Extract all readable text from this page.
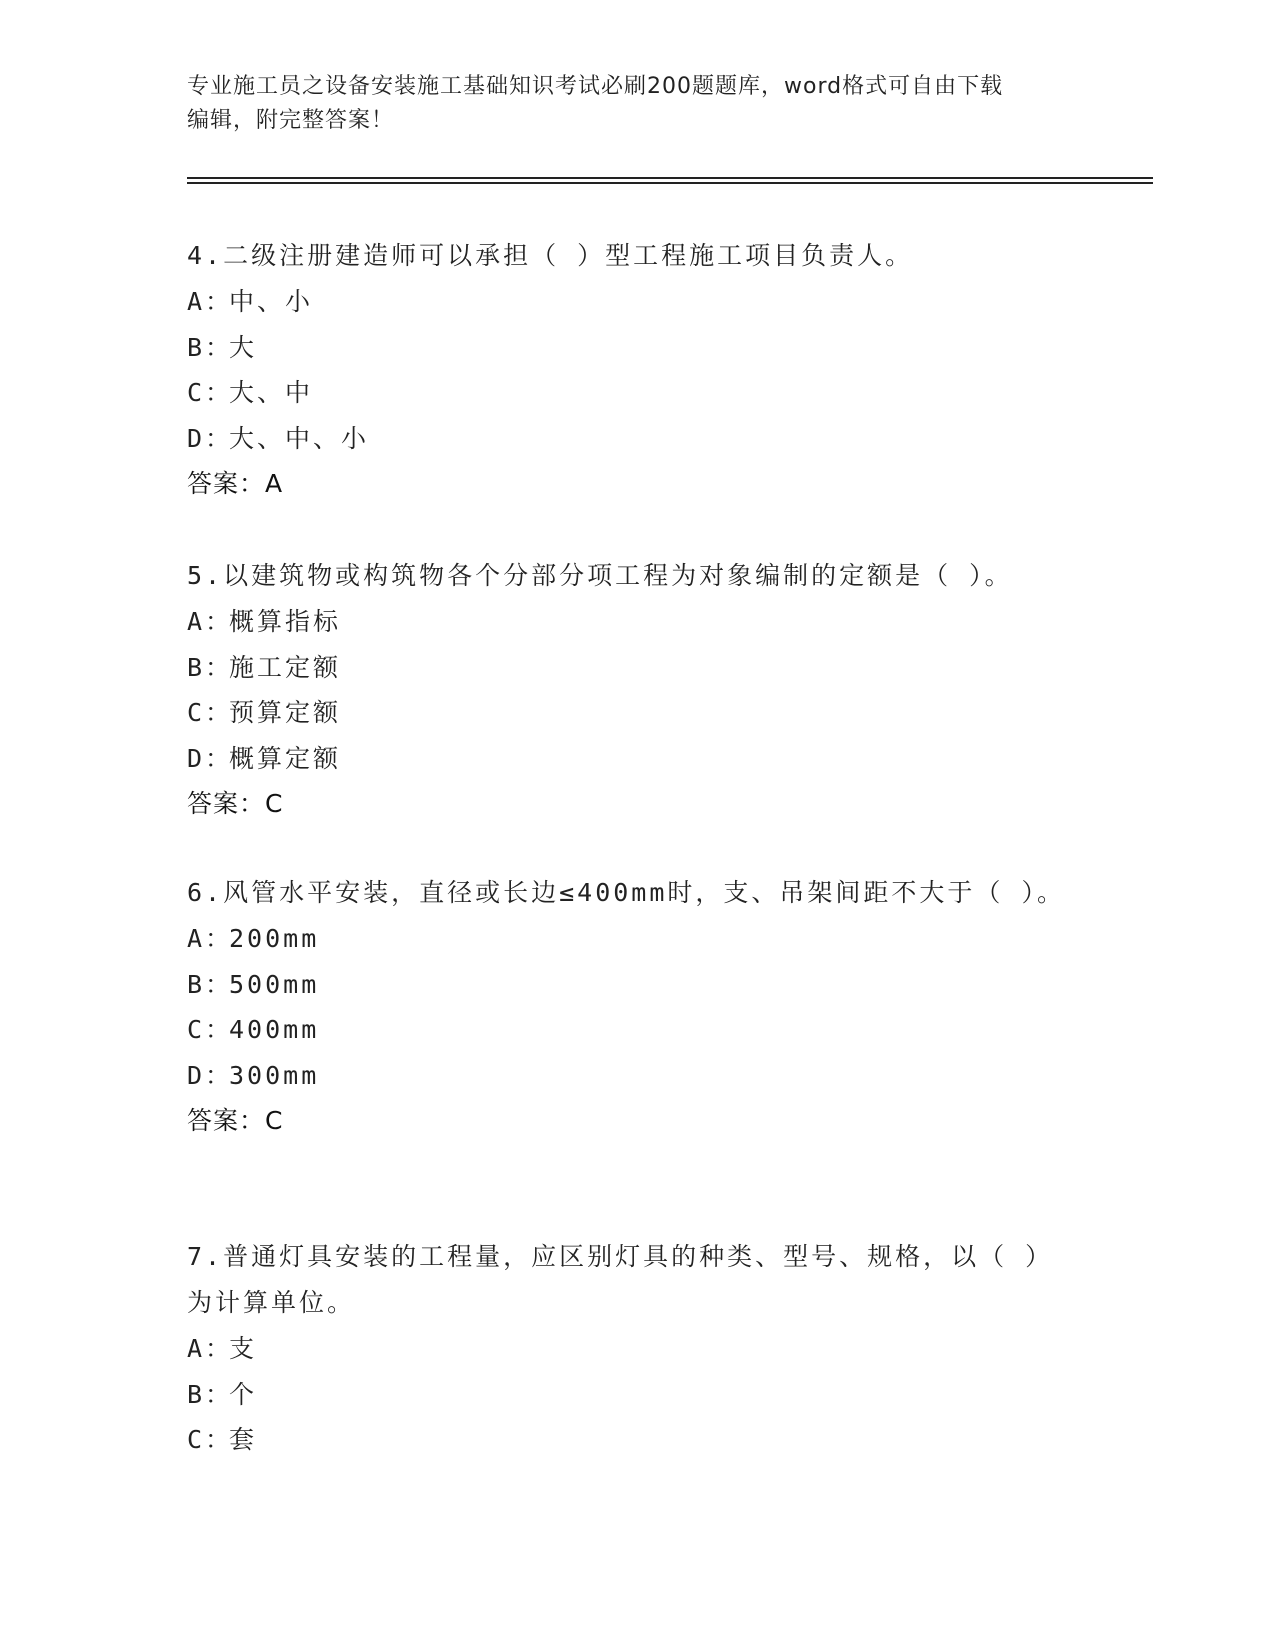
专业施工员之设备安装施工基础知识考试必刷200题题库，word格式可自由下载
编辑，附完整答案！
4.二级注册建造师可以承担（ ）型工程施工项目负责人。
A：中、小
B：大
C：大、中
D：大、中、小
答案：A
5.以建筑物或构筑物各个分部分项工程为对象编制的定额是（ ）。
A：概算指标
B：施工定额
C：预算定额
D：概算定额
答案：C
6.风管水平安装，直径或长边≤400mm时，支、吊架间距不大于（ ）。
A：200mm
B：500mm
C：400mm
D：300mm
答案：C
7.普通灯具安装的工程量，应区别灯具的种类、型号、规格，以（ ）为计算单位。
A：支
B：个
C：套
